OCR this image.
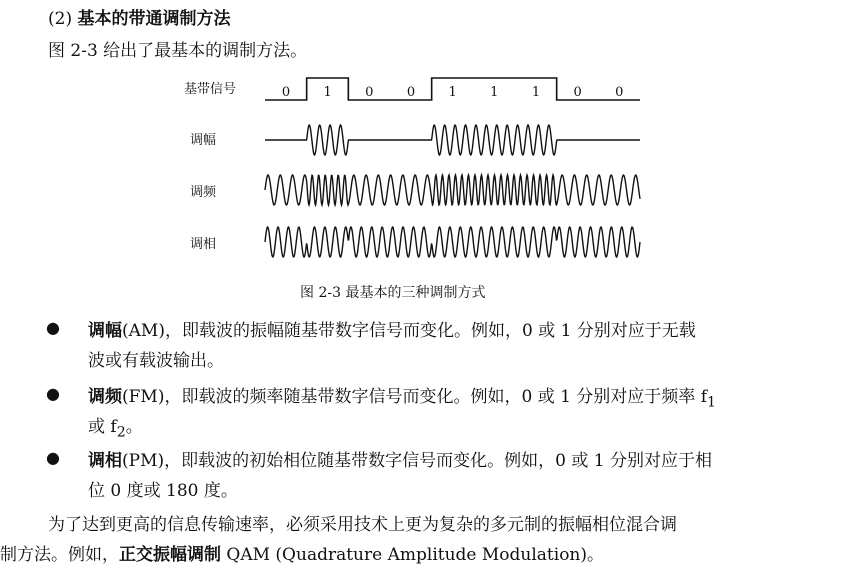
(2) 基本的带通调制方法
图 2-3 给出了最基本的调制方法。
基带信号
调幅
调频
调相
0	1	0	0	1	1	1	0	0
图 2-3 最基本的三种调制方式
● 调幅(AM)，即载波的振幅随基带数字信号而变化。例如，0 或 1 分别对应于无载
波或有载波输出。
● 调频(FM)，即载波的频率随基带数字信号而变化。例如，0 或 1 分别对应于频率 $f_1$
或 $f_2$。
● 调相(PM)，即载波的初始相位随基带数字信号而变化。例如，0 或 1 分别对应于相
位 0 度或 180 度。
为了达到更高的信息传输速率，必须采用技术上更为复杂的多元制的振幅相位混合调
制方法。例如，正交振幅调制 QAM (Quadrature Amplitude Modulation)。
